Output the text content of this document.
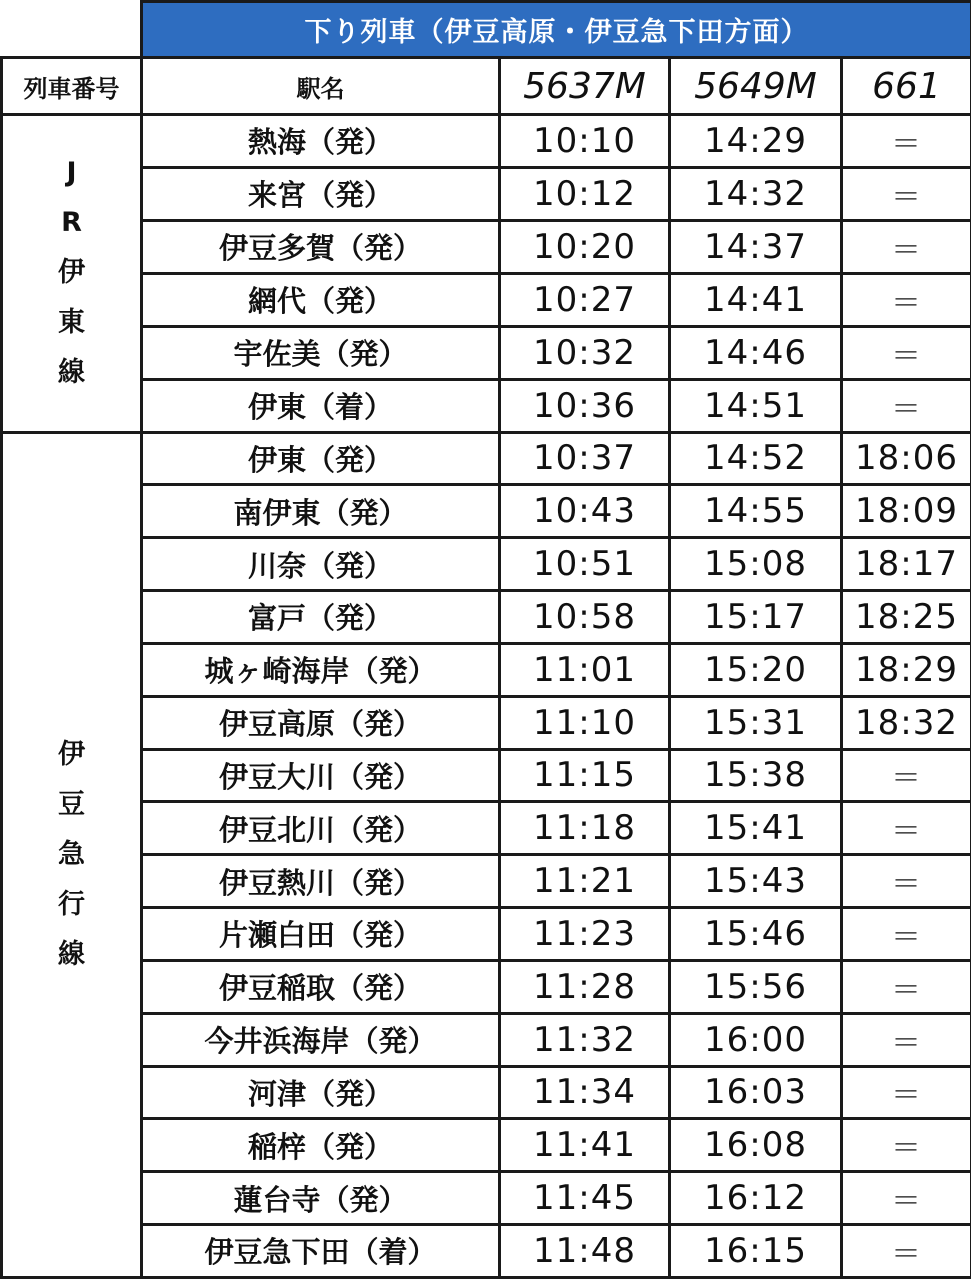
	下り列車（伊豆高原・伊豆急下田方面）			
列車番号	駅名	5637M	5649M	661

J
R
伊
東
線	熱海（発）	10:10	14:29	＝
	来宮（発）	10:12	14:32	＝
	伊豆多賀（発）	10:20	14:37	＝
	網代（発）	10:27	14:41	＝
	宇佐美（発）	10:32	14:46	＝
	伊東（着）	10:36	14:51	＝

伊
豆
急
行
線	伊東（発）	10:37	14:52	18:06
	南伊東（発）	10:43	14:55	18:09
	川奈（発）	10:51	15:08	18:17
	富戸（発）	10:58	15:17	18:25
	城ヶ崎海岸（発）	11:01	15:20	18:29
	伊豆高原（発）	11:10	15:31	18:32
	伊豆大川（発）	11:15	15:38	＝
	伊豆北川（発）	11:18	15:41	＝
	伊豆熱川（発）	11:21	15:43	＝
	片瀬白田（発）	11:23	15:46	＝
	伊豆稲取（発）	11:28	15:56	＝
	今井浜海岸（発）	11:32	16:00	＝
	河津（発）	11:34	16:03	＝
	稲梓（発）	11:41	16:08	＝
	蓮台寺（発）	11:45	16:12	＝
	伊豆急下田（着）	11:48	16:15	＝
